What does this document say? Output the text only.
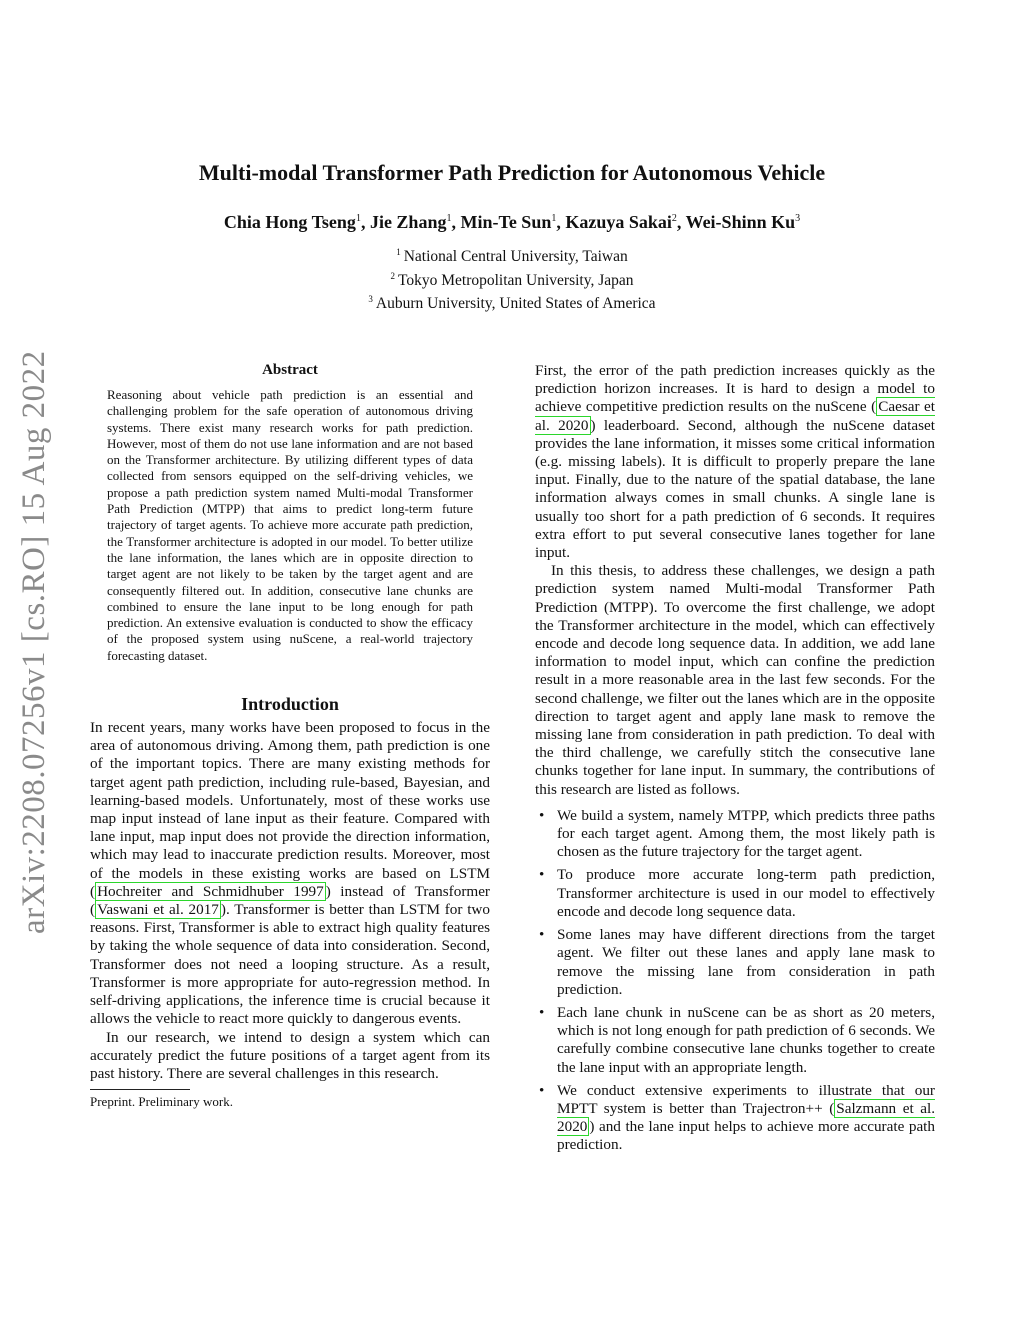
arXiv:2208.07256v1 [cs.RO] 15 Aug 2022
Multi-modal Transformer Path Prediction for Autonomous Vehicle
Chia Hong Tseng$^1$, Jie Zhang$^1$, Min-Te Sun$^1$, Kazuya Sakai$^2$, Wei-Shinn Ku$^3$
$^1$ National Central University, Taiwan
$^2$ Tokyo Metropolitan University, Japan
$^3$ Auburn University, United States of America
Abstract

Reasoning about vehicle path prediction is an essential and challenging problem for the safe operation of autonomous driving systems. There exist many research works for path prediction. However, most of them do not use lane information and are not based on the Transformer architecture. By utilizing different types of data collected from sensors equipped on the self-driving vehicles, we propose a path prediction system named Multi-modal Transformer Path Prediction (MTPP) that aims to predict long-term future trajectory of target agents. To achieve more accurate path prediction, the Transformer architecture is adopted in our model. To better utilize the lane information, the lanes which are in opposite direction to target agent are not likely to be taken by the target agent and are consequently filtered out. In addition, consecutive lane chunks are combined to ensure the lane input to be long enough for path prediction. An extensive evaluation is conducted to show the efficacy of the proposed system using nuScene, a real-world trajectory forecasting dataset.

Introduction

In recent years, many works have been proposed to focus in the area of autonomous driving. Among them, path prediction is one of the important topics. There are many existing methods for target agent path prediction, including rule-based, Bayesian, and learning-based models. Unfortunately, most of these works use map input instead of lane input as their feature. Compared with lane input, map input does not provide the direction information, which may lead to inaccurate prediction results. Moreover, most of the models in these existing works are based on LSTM ( Hochreiter and Schmidhuber 1997 ) instead of Transformer ( Vaswani et al. 2017 ). Transformer is better than LSTM for two reasons. First, Transformer is able to extract high quality features by taking the whole sequence of data into consideration. Second, Transformer does not need a looping structure. As a result, Transformer is more appropriate for auto-regression method. In self-driving applications, the inference time is crucial because it allows the vehicle to react more quickly to dangerous events.

In our research, we intend to design a system which can accurately predict the future positions of a target agent from its past history. There are several challenges in this research.

Preprint. Preliminary work.

First, the error of the path prediction increases quickly as the prediction horizon increases. It is hard to design a model to achieve competitive prediction results on the nuScene ( Caesar et al. 2020 ) leaderboard. Second, although the nuScene dataset provides the lane information, it misses some critical information (e.g. missing labels). It is difficult to properly prepare the lane input. Finally, due to the nature of the spatial database, the lane information always comes in small chunks. A single lane is usually too short for a path prediction of 6 seconds. It requires extra effort to put several consecutive lanes together for lane input.

In this thesis, to address these challenges, we design a path prediction system named Multi-modal Transformer Path Prediction (MTPP). To overcome the first challenge, we adopt the Transformer architecture in the model, which can effectively encode and decode long sequence data. In addition, we add lane information to model input, which can confine the prediction result in a more reasonable area in the last few seconds. For the second challenge, we filter out the lanes which are in the opposite direction to target agent and apply lane mask to remove the missing lane from consideration in path prediction. To deal with the third challenge, we carefully stitch the consecutive lane chunks together for lane input. In summary, the contributions of this research are listed as follows.

• We build a system, namely MTPP, which predicts three paths for each target agent. Among them, the most likely path is chosen as the future trajectory for the target agent.
• To produce more accurate long-term path prediction, Transformer architecture is used in our model to effectively encode and decode long sequence data.
• Some lanes may have different directions from the target agent. We filter out these lanes and apply lane mask to remove the missing lane from consideration in path prediction.
• Each lane chunk in nuScene can be as short as 20 meters, which is not long enough for path prediction of 6 seconds. We carefully combine consecutive lane chunks together to create the lane input with an appropriate length.
• We conduct extensive experiments to illustrate that our MPTT system is better than Trajectron++ ( Salzmann et al. 2020 ) and the lane input helps to achieve more accurate path prediction.
